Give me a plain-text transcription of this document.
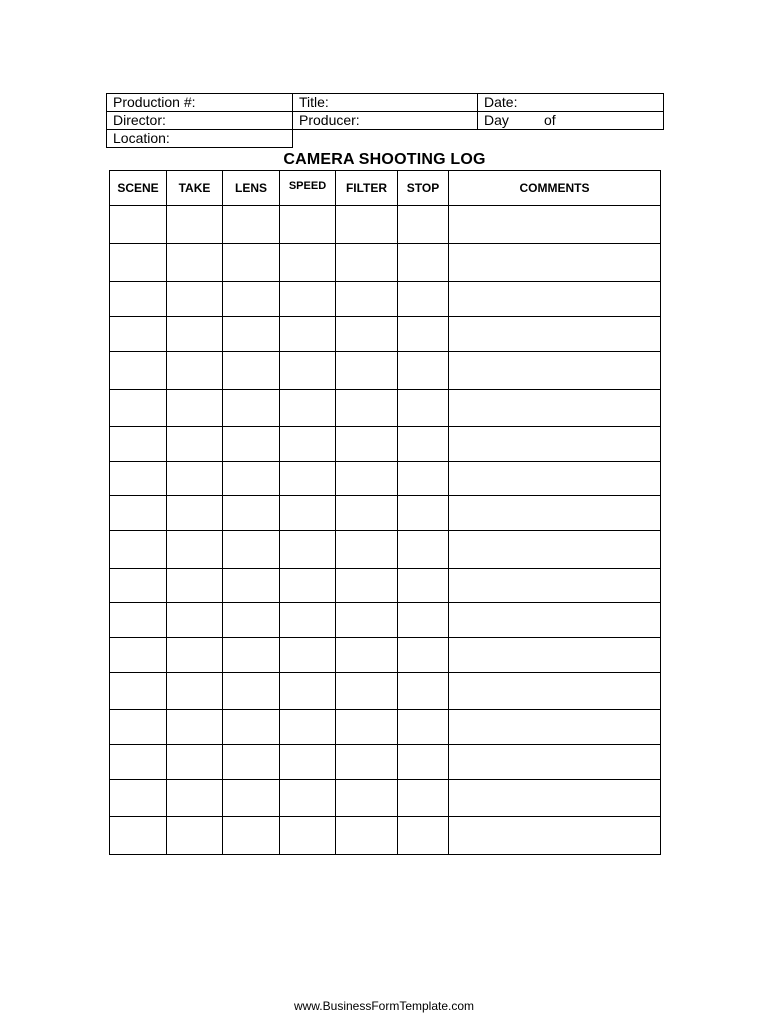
Production #:	Title:	Date:
Director:	Producer:	Day of
Location:		
CAMERA SHOOTING LOG
SCENE	TAKE	LENS	SPEED	FILTER	STOP	COMMENTS

www.BusinessFormTemplate.com
